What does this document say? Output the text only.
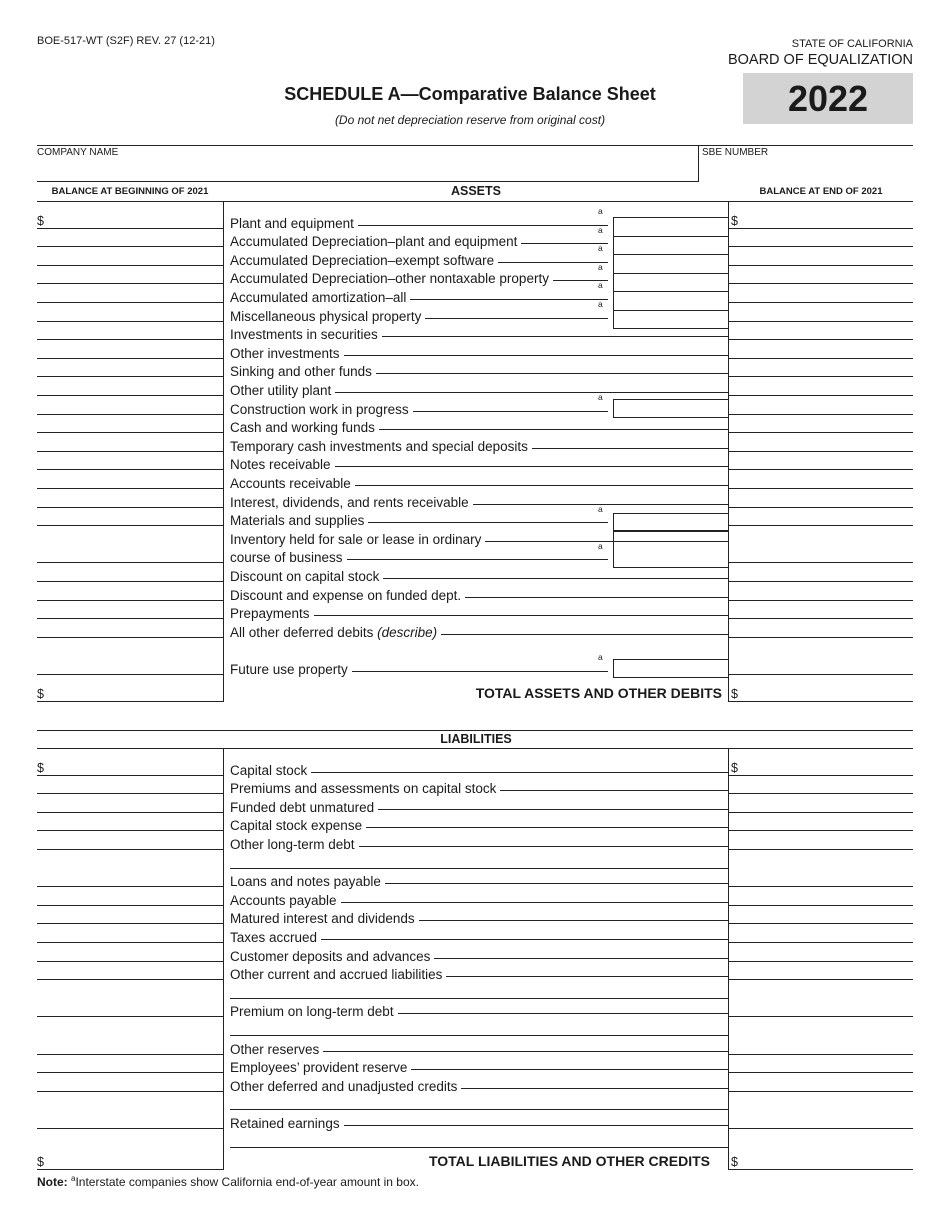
BOE-517-WT (S2F) REV. 27 (12-21)	STATE OF CALIFORNIA
BOARD OF EQUALIZATION
2022
SCHEDULE A—Comparative Balance Sheet
(Do not net depreciation reserve from original cost)
COMPANY NAME	SBE NUMBER
BALANCE AT BEGINNING OF 2021	ASSETS	BALANCE AT END OF 2021
$	$
Plant and equipment
a
Accumulated Depreciation–plant and equipment
a
Accumulated Depreciation–exempt software
a
Accumulated Depreciation–other nontaxable property
a
Accumulated amortization–all
a
Miscellaneous physical property
a
Investments in securities
Other investments
Sinking and other funds
Other utility plant
Construction work in progress
a
Cash and working funds
Temporary cash investments and special deposits
Notes receivable
Accounts receivable
Interest, dividends, and rents receivable
Materials and supplies
a
Inventory held for sale or lease in ordinary
course of business
a
Discount on capital stock
Discount and expense on funded dept.
Prepayments
All other deferred debits (describe)
Future use property
a
LIABILITIES
$	$
Capital stock
Premiums and assessments on capital stock
Funded debt unmatured
Capital stock expense
Other long-term debt
Loans and notes payable
Accounts payable
Matured interest and dividends
Taxes accrued
Customer deposits and advances
Other current and accrued liabilities
Premium on long-term debt
Other reserves
Employees’ provident reserve
Other deferred and unadjusted credits
Retained earnings
Note: $^a$Interstate companies show California end-of-year amount in box.
$	$
TOTAL ASSETS AND OTHER DEBITS
$	$
TOTAL LIABILITIES AND OTHER CREDITS
